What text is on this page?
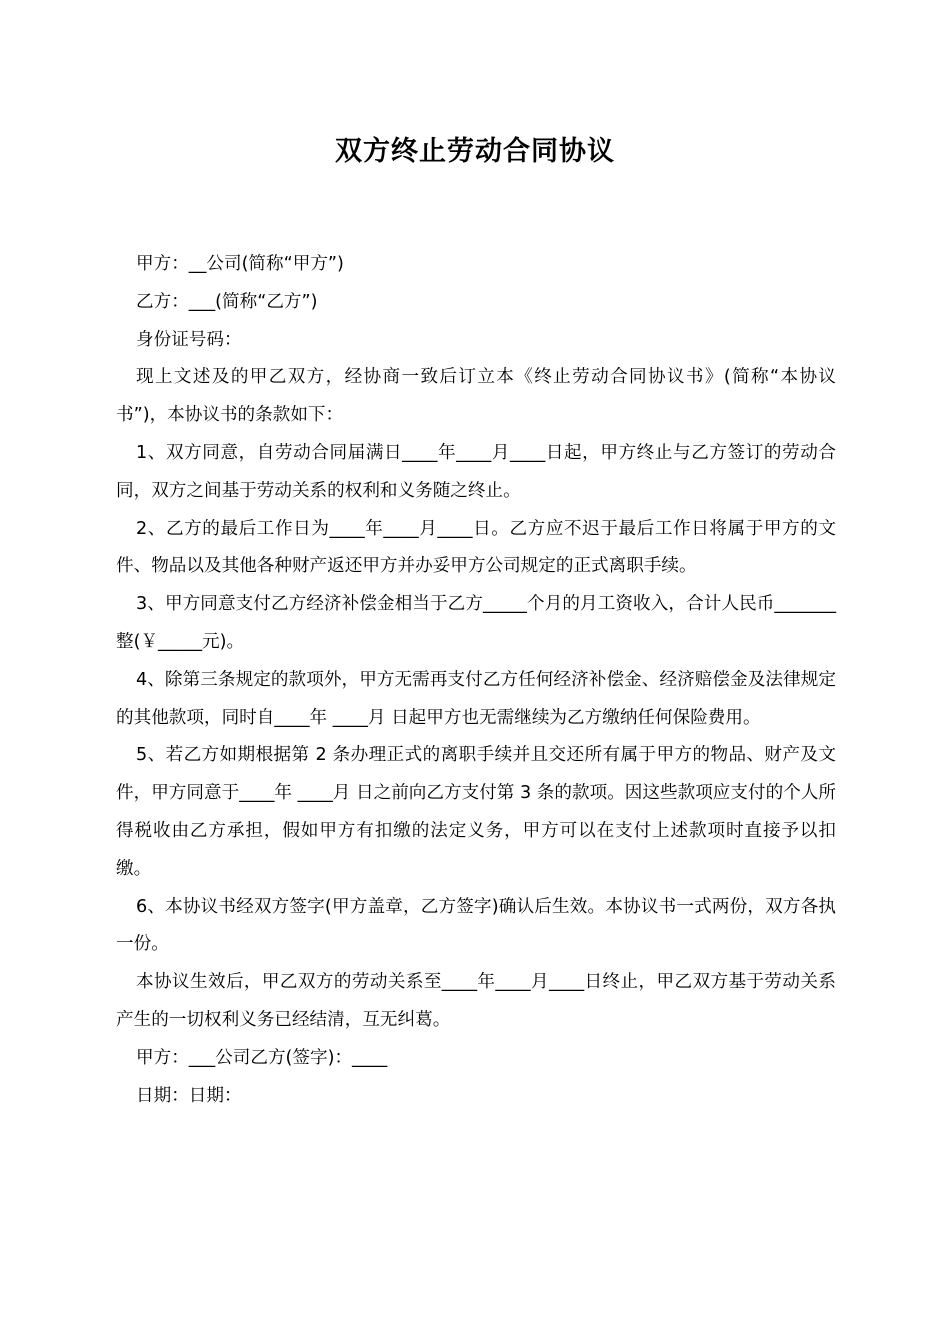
双方终止劳动合同协议

甲方：__公司(简称“甲方”)

乙方：___(简称“乙方”)

身份证号码：

现上文述及的甲乙双方，经协商一致后订立本《终止劳动合同协议书》(简称“本协议书”)，本协议书的条款如下：

1、双方同意，自劳动合同届满日____年____月____日起，甲方终止与乙方签订的劳动合同，双方之间基于劳动关系的权利和义务随之终止。

2、乙方的最后工作日为____年____月____日。乙方应不迟于最后工作日将属于甲方的文件、物品以及其他各种财产返还甲方并办妥甲方公司规定的正式离职手续。

3、甲方同意支付乙方经济补偿金相当于乙方_____个月的月工资收入，合计人民币_______整(￥_____元)。

4、除第三条规定的款项外，甲方无需再支付乙方任何经济补偿金、经济赔偿金及法律规定的其他款项，同时自____年 ____月 日起甲方也无需继续为乙方缴纳任何保险费用。

5、若乙方如期根据第 2 条办理正式的离职手续并且交还所有属于甲方的物品、财产及文件，甲方同意于____年 ____月 日之前向乙方支付第 3 条的款项。因这些款项应支付的个人所得税收由乙方承担，假如甲方有扣缴的法定义务，甲方可以在支付上述款项时直接予以扣缴。

6、本协议书经双方签字(甲方盖章，乙方签字)确认后生效。本协议书一式两份，双方各执一份。

本协议生效后，甲乙双方的劳动关系至____年____月____日终止，甲乙双方基于劳动关系产生的一切权利义务已经结清，互无纠葛。

甲方：___公司乙方(签字)：____

日期：日期：
